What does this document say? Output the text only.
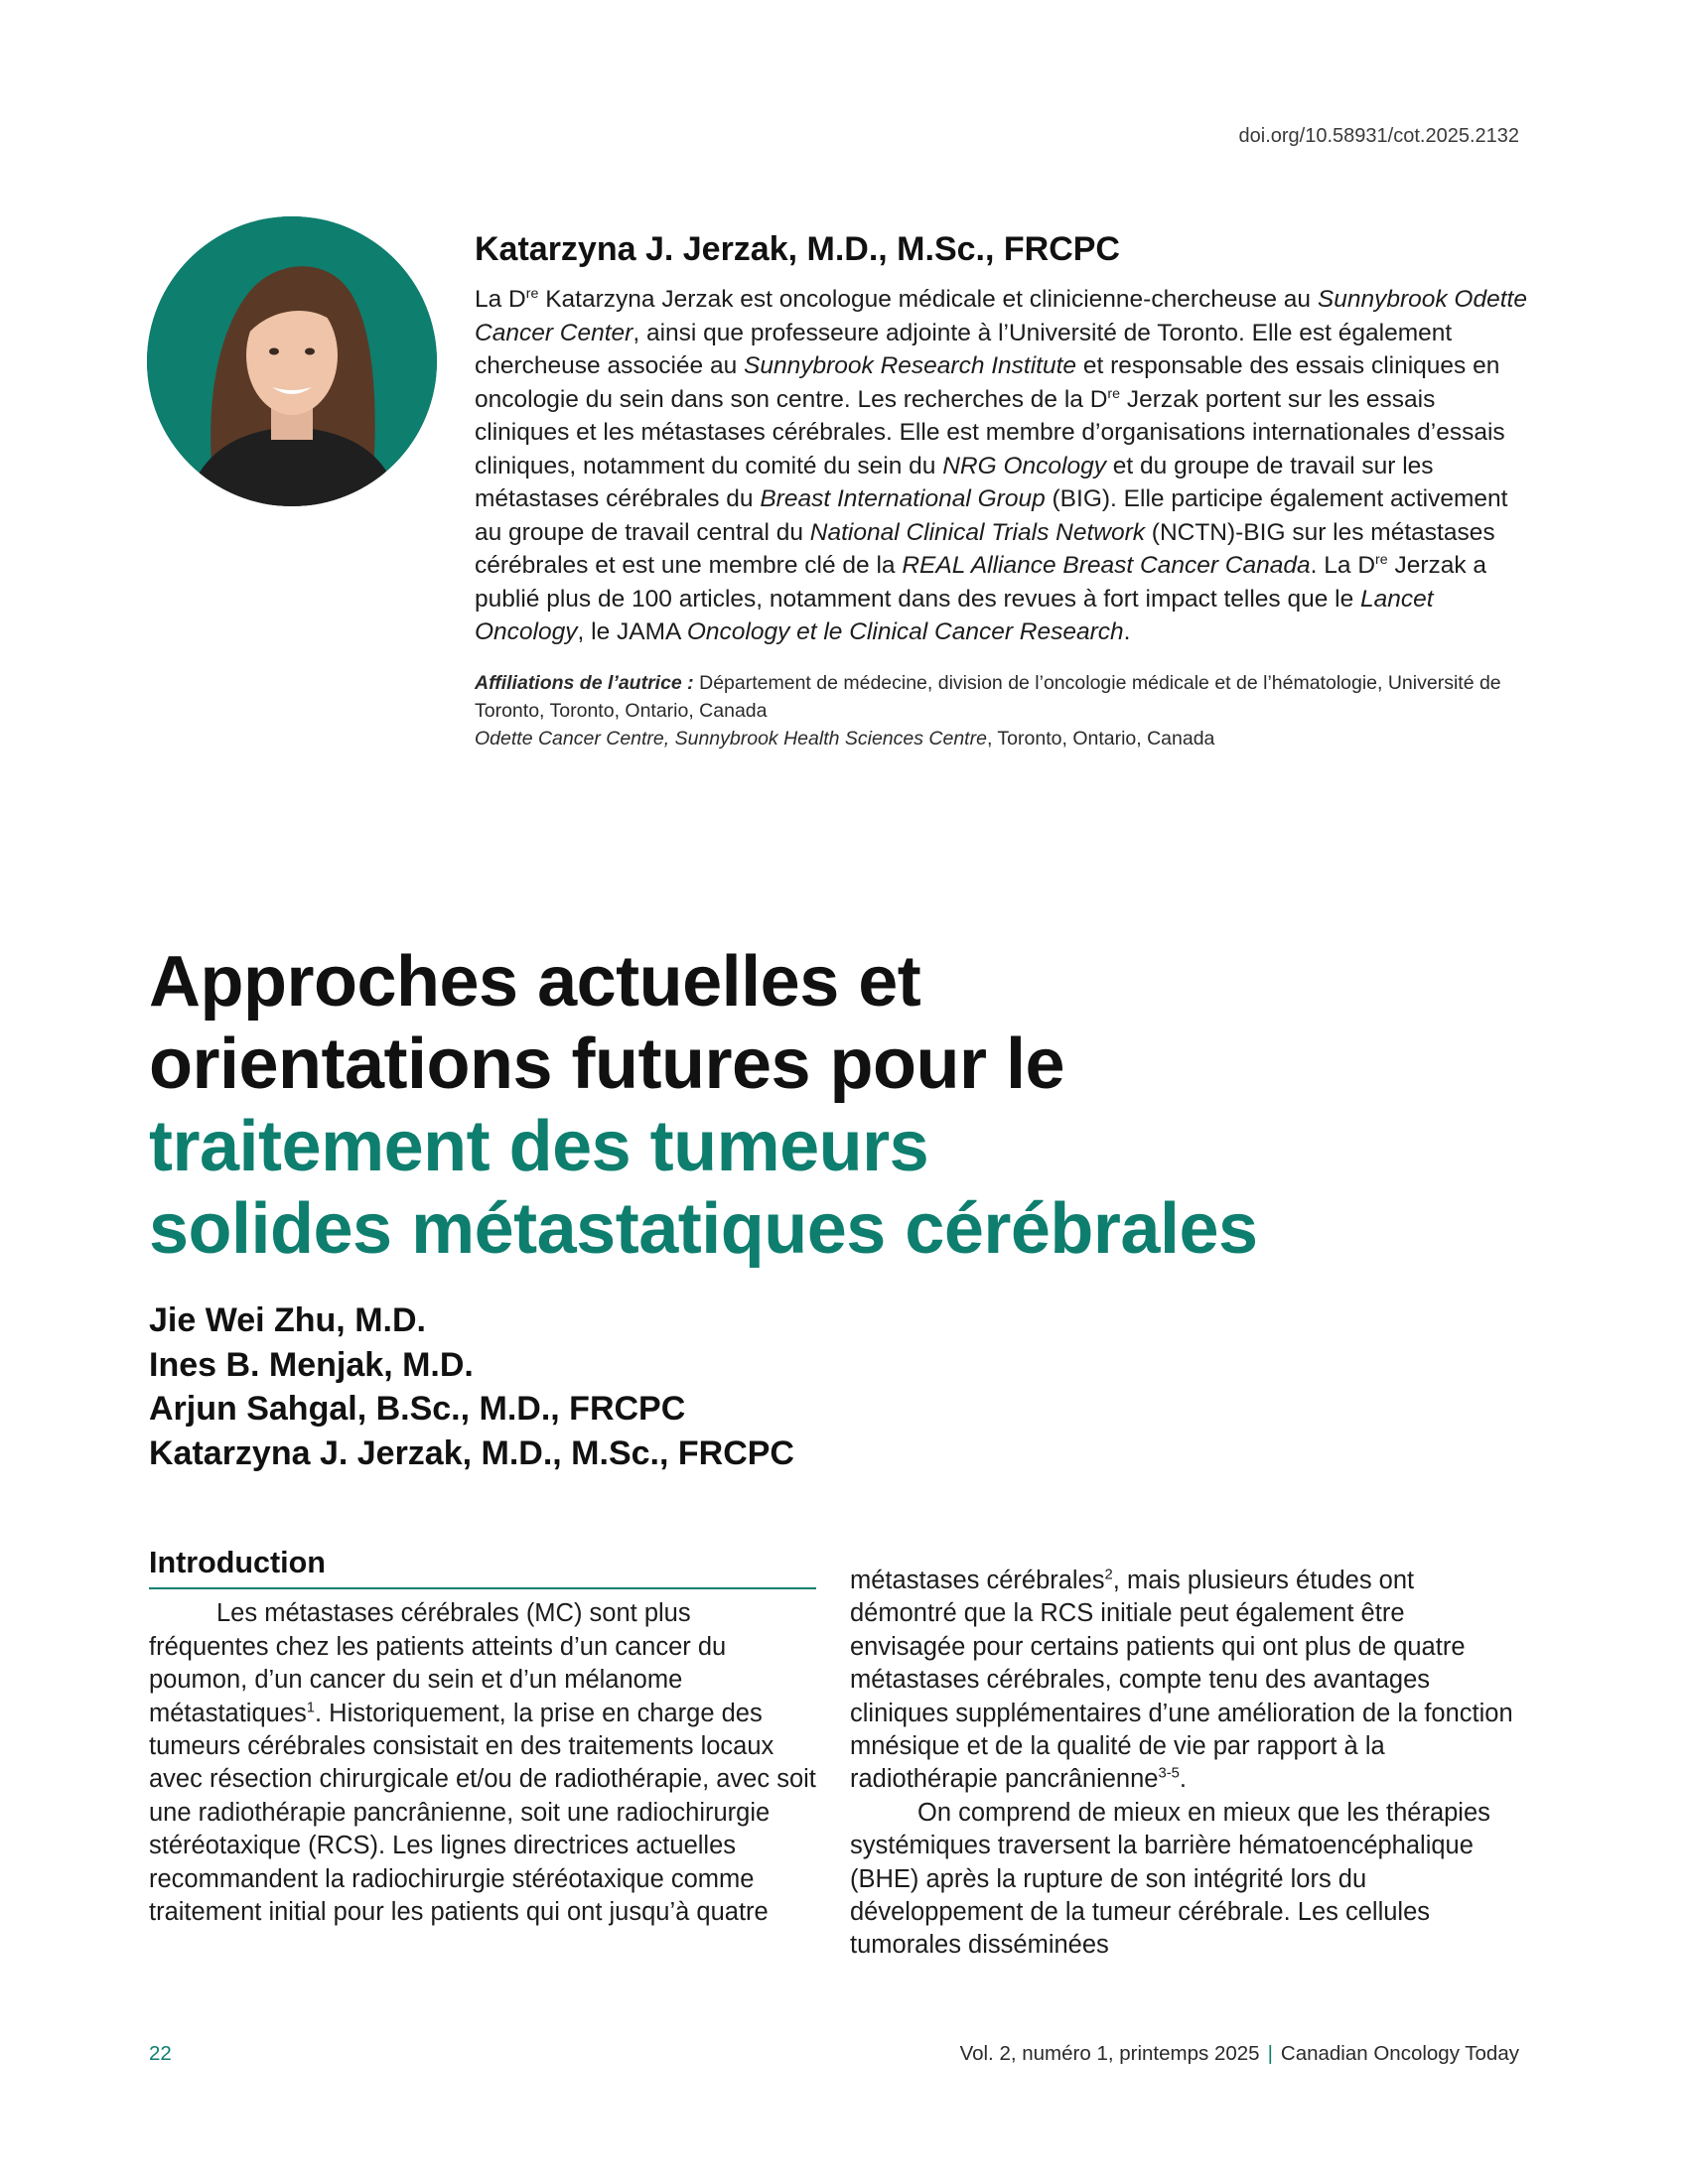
doi.org/10.58931/cot.2025.2132
Katarzyna J. Jerzak, M.D., M.Sc., FRCPC

La Dre Katarzyna Jerzak est oncologue médicale et clinicienne-chercheuse au Sunnybrook Odette Cancer Center, ainsi que professeure adjointe à l’Université de Toronto. Elle est également chercheuse associée au Sunnybrook Research Institute et responsable des essais cliniques en oncologie du sein dans son centre. Les recherches de la Dre Jerzak portent sur les essais cliniques et les métastases cérébrales. Elle est membre d’organisations internationales d’essais cliniques, notamment du comité du sein du NRG Oncology et du groupe de travail sur les métastases cérébrales du Breast International Group (BIG). Elle participe également activement au groupe de travail central du National Clinical Trials Network (NCTN)-BIG sur les métastases cérébrales et est une membre clé de la REAL Alliance Breast Cancer Canada. La Dre Jerzak a publié plus de 100 articles, notamment dans des revues à fort impact telles que le Lancet Oncology, le JAMA Oncology et le Clinical Cancer Research.

Affiliations de l’autrice : Département de médecine, division de l’oncologie médicale et de l’hématologie, Université de Toronto, Toronto, Ontario, Canada
Odette Cancer Centre, Sunnybrook Health Sciences Centre, Toronto, Ontario, Canada
Approches actuelles et
orientations futures pour le
traitement des tumeurs
solides métastatiques cérébrales
Jie Wei Zhu, M.D.
Ines B. Menjak, M.D.
Arjun Sahgal, B.Sc., M.D., FRCPC
Katarzyna J. Jerzak, M.D., M.Sc., FRCPC
Introduction

Les métastases cérébrales (MC) sont plus fréquentes chez les patients atteints d’un cancer du poumon, d’un cancer du sein et d’un mélanome métastatiques$^1$. Historiquement, la prise en charge des tumeurs cérébrales consistait en des traitements locaux avec résection chirurgicale et/ou de radiothérapie, avec soit une radiothérapie pancrânienne, soit une radiochirurgie stéréotaxique (RCS). Les lignes directrices actuelles recommandent la radiochirurgie stéréotaxique comme traitement initial pour les patients qui ont jusqu’à quatre

métastases cérébrales$^2$, mais plusieurs études ont démontré que la RCS initiale peut également être envisagée pour certains patients qui ont plus de quatre métastases cérébrales, compte tenu des avantages cliniques supplémentaires d’une amélioration de la fonction mnésique et de la qualité de vie par rapport à la radiothérapie pancrânienne$^{3-5}$.

On comprend de mieux en mieux que les thérapies systémiques traversent la barrière hématoencéphalique (BHE) après la rupture de son intégrité lors du développement de la tumeur cérébrale. Les cellules tumorales disséminées

22	Vol. 2, numéro 1, printemps 2025 | Canadian Oncology Today
